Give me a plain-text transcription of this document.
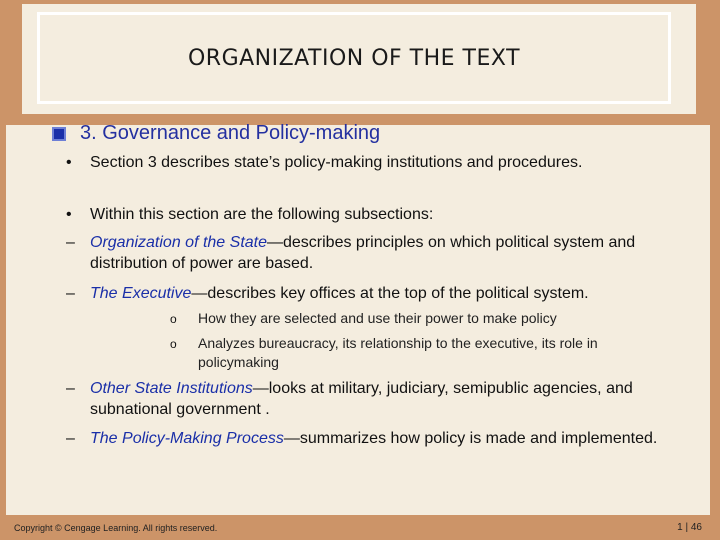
ORGANIZATION OF THE TEXT
3. Governance and Policy-making
• Section 3 describes state’s policy-making institutions and procedures.
• Within this section are the following subsections:
– Organization of the State—describes principles on which political system and distribution of power are based.
– The Executive—describes key offices at the top of the political system.
o How they are selected and use their power to make policy
o Analyzes bureaucracy, its relationship to the executive, its role in policymaking
– Other State Institutions—looks at military, judiciary, semipublic agencies, and subnational government .
– The Policy-Making Process—summarizes how policy is made and implemented.
Copyright © Cengage Learning. All rights reserved.	1 | 46
